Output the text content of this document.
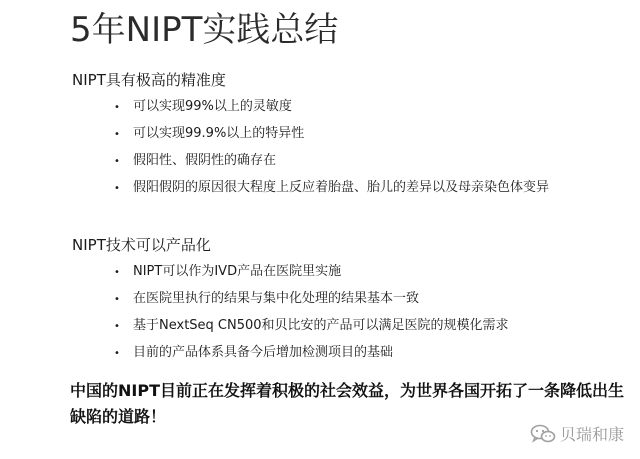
5年NIPT实践总结
NIPT具有极高的精准度
• 可以实现99%以上的灵敏度
• 可以实现99.9%以上的特异性
• 假阳性、假阴性的确存在
• 假阳假阴的原因很大程度上反应着胎盘、胎儿的差异以及母亲染色体变异
NIPT技术可以产品化
• NIPT可以作为IVD产品在医院里实施
• 在医院里执行的结果与集中化处理的结果基本一致
• 基于NextSeq CN500和贝比安的产品可以满足医院的规模化需求
• 目前的产品体系具备今后增加检测项目的基础
中国的NIPT目前正在发挥着积极的社会效益，为世界各国开拓了一条降低出生缺陷的道路！
贝瑞和康
